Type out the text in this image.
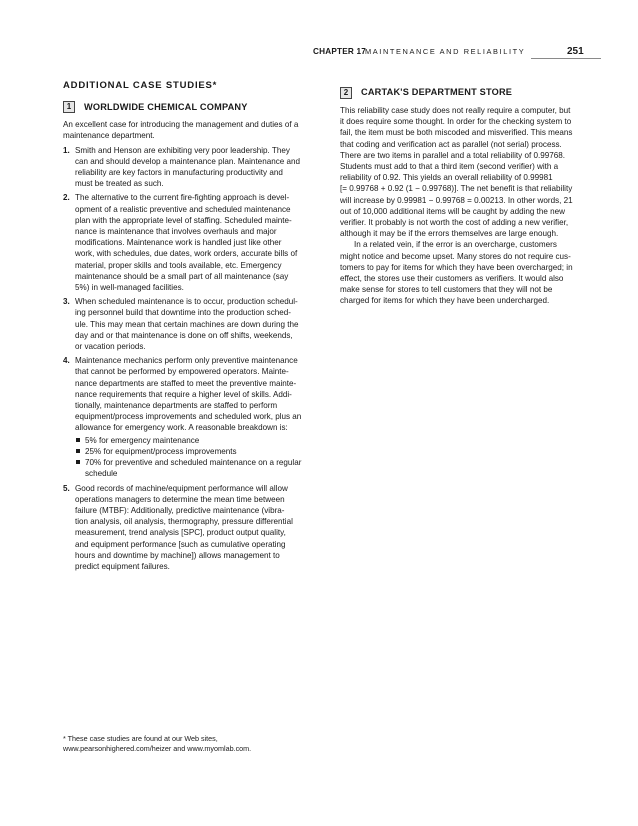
CHAPTER 17 MAINTENANCE AND RELIABILITY	251
ADDITIONAL CASE STUDIES*
1	WORLDWIDE CHEMICAL COMPANY
An excellent case for introducing the management and duties of a
maintenance department.
1. Smith and Henson are exhibiting very poor leadership. They
can and should develop a maintenance plan. Maintenance and
reliability are key factors in manufacturing productivity and
must be treated as such.
2. The alternative to the current fire-fighting approach is devel-
opment of a realistic preventive and scheduled maintenance
plan with the appropriate level of staffing. Scheduled mainte-
nance is maintenance that involves overhauls and major
modifications. Maintenance work is handled just like other
work, with schedules, due dates, work orders, accurate bills of
material, proper skills and tools available, etc. Emergency
maintenance should be a small part of all maintenance (say
5%) in well-managed facilities.
3. When scheduled maintenance is to occur, production schedul-
ing personnel build that downtime into the production sched-
ule. This may mean that certain machines are down during the
day and or that maintenance is done on off shifts, weekends,
or vacation periods.
4. Maintenance mechanics perform only preventive maintenance
that cannot be performed by empowered operators. Mainte-
nance departments are staffed to meet the preventive mainte-
nance requirements that require a higher level of skills. Addi-
tionally, maintenance departments are staffed to perform
equipment/process improvements and scheduled work, plus an
allowance for emergency work. A reasonable breakdown is:
5% for emergency maintenance
25% for equipment/process improvements
70% for preventive and scheduled maintenance on a regular
schedule
5. Good records of machine/equipment performance will allow
operations managers to determine the mean time between
failure (MTBF): Additionally, predictive maintenance (vibra-
tion analysis, oil analysis, thermography, pressure differential
measurement, trend analysis [SPC], product output quality,
and equipment performance [such as cumulative operating
hours and downtime by machine]) allows management to
predict equipment failures.
2	CARTAK'S DEPARTMENT STORE
This reliability case study does not really require a computer, but
it does require some thought. In order for the checking system to
fail, the item must be both miscoded and misverified. This means
that coding and verification act as parallel (not serial) process.
There are two items in parallel and a total reliability of 0.99768.
Students must add to that a third item (second verifier) with a
reliability of 0.92. This yields an overall reliability of 0.99981
[= 0.99768 + 0.92 (1 − 0.99768)]. The net benefit is that reliability
will increase by 0.99981 − 0.99768 = 0.00213. In other words, 21
out of 10,000 additional items will be caught by adding the new
verifier. It probably is not worth the cost of adding a new verifier,
although it may be if the errors themselves are large enough.
In a related vein, if the error is an overcharge, customers
might notice and become upset. Many stores do not require cus-
tomers to pay for items for which they have been overcharged; in
effect, the stores use their customers as verifiers. It would also
make sense for stores to tell customers that they will not be
charged for items for which they have been undercharged.
* These case studies are found at our Web sites,
www.pearsonhighered.com/heizer and www.myomlab.com.
